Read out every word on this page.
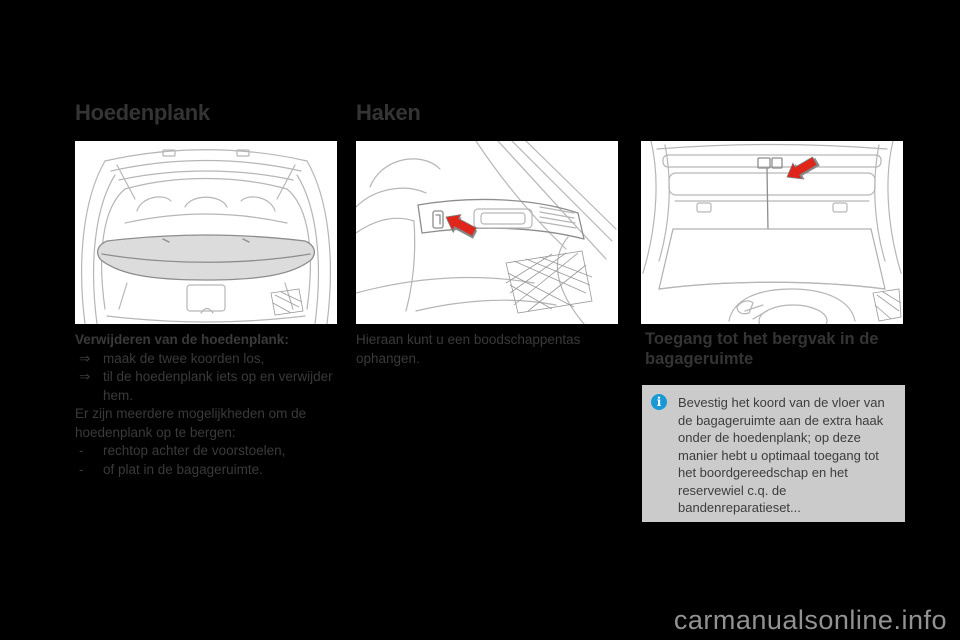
Hoedenplank	Haken
Verwijderen van de hoedenplank:
⇒ maak de twee koorden los,
⇒ til de hoedenplank iets op en verwijder hem.
Er zijn meerdere mogelijkheden om de hoedenplank op te bergen:
-	rechtop achter de voorstoelen,
-	of plat in de bagageruimte.
Hieraan kunt u een boodschappentas ophangen.
Toegang tot het bergvak in de bagageruimte
i	Bevestig het koord van de vloer van de bagageruimte aan de extra haak onder de hoedenplank; op deze manier hebt u optimaal toegang tot het boordgereedschap en het reservewiel c.q. de bandenreparatieset...
carmanualsonline.info
